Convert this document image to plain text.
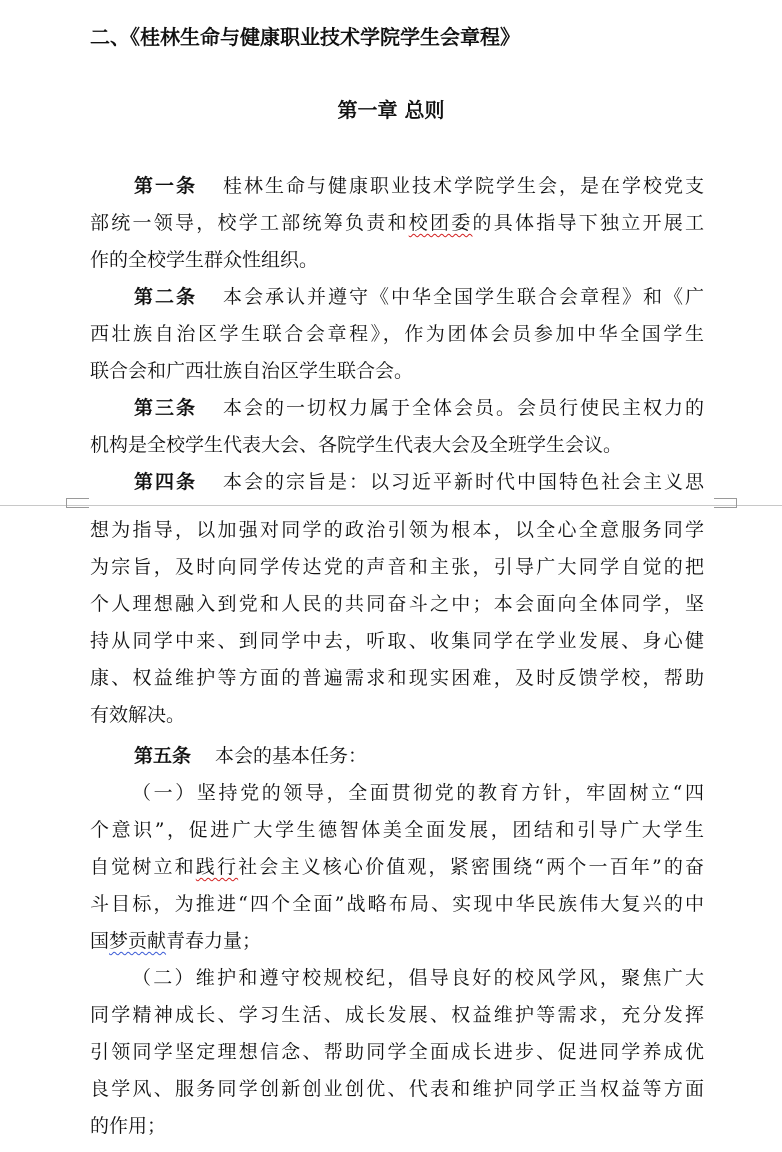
二、《桂林生命与健康职业技术学院学生会章程》
第一章 总则
第一条 桂林生命与健康职业技术学院学生会，是在学校党支
部统一领导，校学工部统筹负责和校团委的具体指导下独立开展工
作的全校学生群众性组织。
第二条 本会承认并遵守《中华全国学生联合会章程》和《广
西壮族自治区学生联合会章程》，作为团体会员参加中华全国学生
联合会和广西壮族自治区学生联合会。
第三条 本会的一切权力属于全体会员。会员行使民主权力的
机构是全校学生代表大会、各院学生代表大会及全班学生会议。
第四条 本会的宗旨是：以习近平新时代中国特色社会主义思
想为指导，以加强对同学的政治引领为根本，以全心全意服务同学
为宗旨，及时向同学传达党的声音和主张，引导广大同学自觉的把
个人理想融入到党和人民的共同奋斗之中；本会面向全体同学，坚
持从同学中来、到同学中去，听取、收集同学在学业发展、身心健
康、权益维护等方面的普遍需求和现实困难，及时反馈学校，帮助
有效解决。
第五条 本会的基本任务：
（一）坚持党的领导，全面贯彻党的教育方针，牢固树立“四
个意识”，促进广大学生德智体美全面发展，团结和引导广大学生
自觉树立和践行社会主义核心价值观，紧密围绕“两个一百年”的奋
斗目标，为推进“四个全面”战略布局、实现中华民族伟大复兴的中
国梦贡献青春力量；
（二）维护和遵守校规校纪，倡导良好的校风学风，聚焦广大
同学精神成长、学习生活、成长发展、权益维护等需求，充分发挥
引领同学坚定理想信念、帮助同学全面成长进步、促进同学养成优
良学风、服务同学创新创业创优、代表和维护同学正当权益等方面
的作用；
